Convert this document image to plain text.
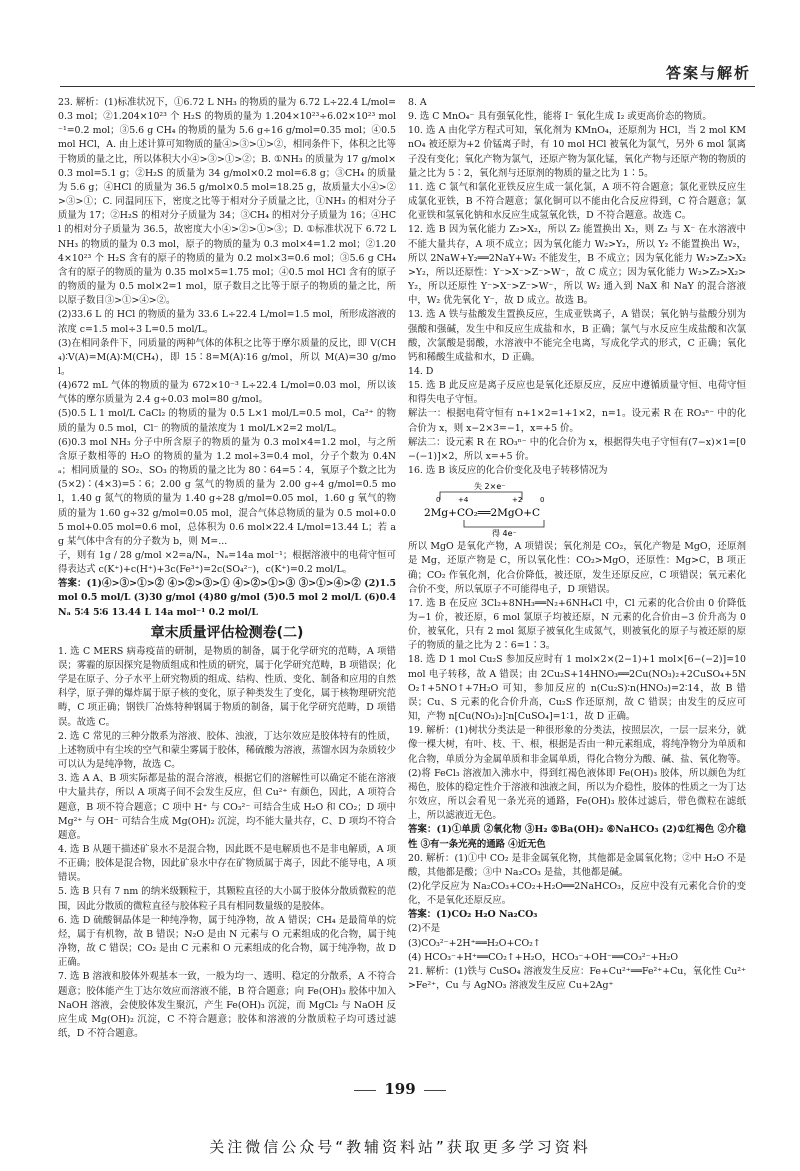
答案与解析

23. 解析：(1)标准状况下，①6.72 L NH₃ 的物质的量为 6.72 L÷22.4 L/mol=0.3 mol；②1.204×10²³ 个 H₂S 的物质的量为 1.204×10²³÷6.02×10²³ mol⁻¹=0.2 mol；③5.6 g CH₄ 的物质的量为 5.6 g÷16 g/mol=0.35 mol；④0.5 mol HCl，A. 由上述计算可知物质的量④>③>①>②，相同条件下，体积之比等于物质的量之比，所以体积大小④>③>①>②；B. ①NH₃ 的质量为 17 g/mol×0.3 mol=5.1 g；②H₂S 的质量为 34 g/mol×0.2 mol=6.8 g；③CH₄ 的质量为 5.6 g；④HCl 的质量为 36.5 g/mol×0.5 mol=18.25 g，故质量大小④>②>③>①；C. 同温同压下，密度之比等于相对分子质量之比，①NH₃ 的相对分子质量为 17；②H₂S 的相对分子质量为 34；③CH₄ 的相对分子质量为 16；④HCl 的相对分子质量为 36.5，故密度大小④>②>①>③；D. ①标准状况下 6.72 L NH₃ 的物质的量为 0.3 mol，原子的物质的量为 0.3 mol×4=1.2 mol；②1.204×10²³ 个 H₂S 含有的原子的物质的量为 0.2 mol×3=0.6 mol；③5.6 g CH₄ 含有的原子的物质的量为 0.35 mol×5=1.75 mol；④0.5 mol HCl 含有的原子的物质的量为 0.5 mol×2=1 mol，原子数目之比等于原子的物质的量之比，所以原子数目③>①>④>②。

(2)33.6 L 的 HCl 的物质的量为 33.6 L÷22.4 L/mol=1.5 mol，所形成溶液的浓度 c=1.5 mol÷3 L=0.5 mol/L。

(3)在相同条件下，同质量的两种气体的体积之比等于摩尔质量的反比，即 V(CH₄)∶V(A)=M(A)∶M(CH₄)，即 15∶8=M(A)∶16 g/mol，所以 M(A)=30 g/mol。

(4)672 mL 气体的物质的量为 672×10⁻³ L÷22.4 L/mol=0.03 mol，所以该气体的摩尔质量为 2.4 g÷0.03 mol=80 g/mol。

(5)0.5 L 1 mol/L CaCl₂ 的物质的量为 0.5 L×1 mol/L=0.5 mol，Ca²⁺ 的物质的量为 0.5 mol，Cl⁻ 的物质的量浓度为 1 mol/L×2=2 mol/L。

(6)0.3 mol NH₃ 分子中所含原子的物质的量为 0.3 mol×4=1.2 mol，与之所含原子数相等的 H₂O 的物质的量为 1.2 mol÷3=0.4 mol，分子个数为 0.4Nₐ；相同质量的 SO₂、SO₃ 的物质的量之比为 80∶64=5∶4，氧原子个数之比为(5×2)∶(4×3)=5∶6；2.00 g 氢气的物质的量为 2.00 g÷4 g/mol=0.5 mol，1.40 g 氮气的物质的量为 1.40 g÷28 g/mol=0.05 mol，1.60 g 氧气的物质的量为 1.60 g÷32 g/mol=0.05 mol，混合气体总物质的量为 0.5 mol+0.05 mol+0.05 mol=0.6 mol，总体积为 0.6 mol×22.4 L/mol=13.44 L；若 a g 某气体中含有的分子数为 b，则 M=...

子，则有 1g / 28 g/mol ×2=a/Nₐ，Nₐ=14a mol⁻¹；根据溶液中的电荷守恒可得表达式 c(K⁺)+c(H⁺)+3c(Fe³⁺)=2c(SO₄²⁻)，c(K⁺)=0.2 mol/L。

答案：(1)④>③>①>② ④>②>③>① ④>②>①>③ ③>①>④>② (2)1.5 mol 0.5 mol/L (3)30 g/mol (4)80 g/mol (5)0.5 mol 2 mol/L (6)0.4Nₐ 5∶4 5∶6 13.44 L 14a mol⁻¹ 0.2 mol/L

章末质量评估检测卷(二)

1. 选 C MERS 病毒疫苗的研制，是物质的制备，属于化学研究的范畴，A 项错误；雾霾的原因探究是物质组成和性质的研究，属于化学研究范畴，B 项错误；化学是在原子、分子水平上研究物质的组成、结构、性质、变化、制备和应用的自然科学，原子弹的爆炸属于原子核的变化，原子种类发生了变化，属于核物理研究范畴，C 项正确；钢铁厂冶炼特种钢属于物质的制备，属于化学研究范畴，D 项错误。故选 C。

2. 选 C 常见的三种分散系为溶液、胶体、浊液，丁达尔效应是胶体特有的性质，上述物质中有尘埃的空气和蒙尘雾属于胶体，稀硫酸为溶液，蒸馏水因为杂质较少可以认为是纯净物，故选 C。

3. 选 A A、B 项实际都是盐的混合溶液，根据它们的溶解性可以确定不能在溶液中大量共存，所以 A 项离子间不会发生反应，但 Cu²⁺ 有颜色，因此，A 项符合题意，B 项不符合题意；C 项中 H⁺ 与 CO₃²⁻ 可结合生成 H₂O 和 CO₂；D 项中 Mg²⁺ 与 OH⁻ 可结合生成 Mg(OH)₂ 沉淀，均不能大量共存，C、D 项均不符合题意。

4. 选 B 从题干描述矿泉水不是混合物，因此既不是电解质也不是非电解质，A 项不正确；胶体是混合物，因此矿泉水中存在矿物质属于离子，因此不能导电，A 项错误。

5. 选 B 只有 7 nm 的纳米级颗粒于，其颗粒直径的大小属于胶体分散质微粒的范围，因此分散质的微粒直径与胶体粒子具有相同数量级的是胶体。

6. 选 D 硫酸铜晶体是一种纯净物，属于纯净物，故 A 错误；CH₄ 是最简单的烷烃，属于有机物，故 B 错误；N₂O 是由 N 元素与 O 元素组成的化合物，属于纯净物，故 C 错误；CO₂ 是由 C 元素和 O 元素组成的化合物，属于纯净物，故 D 正确。

7. 选 B 溶液和胶体外观基本一致，一般为均一、透明、稳定的分散系，A 不符合题意；胶体能产生丁达尔效应而溶液不能，B 符合题意；向 Fe(OH)₃ 胶体中加入 NaOH 溶液，会使胶体发生聚沉，产生 Fe(OH)₃ 沉淀，而 MgCl₂ 与 NaOH 反应生成 Mg(OH)₂ 沉淀，C 不符合题意；胶体和溶液的分散质粒子均可透过滤纸，D 不符合题意。

8. A

9. 选 C MnO₄⁻ 具有强氧化性，能将 I⁻ 氧化生成 I₂ 或更高价态的物质。

10. 选 A 由化学方程式可知，氧化剂为 KMnO₄，还原剂为 HCl，当 2 mol KMnO₄ 被还原为+2 价锰离子时，有 10 mol HCl 被氧化为氯气，另外 6 mol 氯离子没有变化；氧化产物为氯气，还原产物为氯化锰，氧化产物与还原产物的物质的量之比为 5∶2，氧化剂与还原剂的物质的量之比为 1∶5。

11. 选 C 氯气和氯化亚铁反应生成一氯化氯，A 项不符合题意；氯化亚铁反应生成氯化亚铁，B 不符合题意；氯化铜可以不能由化合反应得到，C 符合题意；氯化亚铁和氢氧化钠和水反应生成氢氧化铁，D 不符合题意。故选 C。

12. 选 B 因为氧化能力 Z₂>X₂，所以 Z₂ 能置换出 X₂，则 Z₂ 与 X⁻ 在水溶液中不能大量共存，A 项不成立；因为氧化能力 W₂>Y₂，所以 Y₂ 不能置换出 W₂，所以 2NaW+Y₂══2NaY+W₂ 不能发生，B 不成立；因为氧化能力 W₂>Z₂>X₂>Y₂，所以还原性：Y⁻>X⁻>Z⁻>W⁻，故 C 成立；因为氧化能力 W₂>Z₂>X₂>Y₂，所以还原性 Y⁻>X⁻>Z⁻>W⁻，所以 W₂ 通入到 NaX 和 NaY 的混合溶液中，W₂ 优先氧化 Y⁻，故 D 成立。故选 B。

13. 选 A 铁与盐酸发生置换反应，生成亚铁离子，A 错误；氧化钠与盐酸分别为强酸和强碱，发生中和反应生成盐和水，B 正确；氯气与水反应生成盐酸和次氯酸，次氯酸是弱酸，水溶液中不能完全电离，写成化学式的形式，C 正确；氧化钙和稀酸生成盐和水，D 正确。

14. D

15. 选 B 此反应是离子反应也是氧化还原反应，反应中遵循质量守恒、电荷守恒和得失电子守恒。

解法一：根据电荷守恒有 n+1×2=1+1×2，n=1。设元素 R 在 RO₃ⁿ⁻ 中的化合价为 x，则 x−2×3=−1，x=+5 价。

解法二：设元素 R 在 RO₃ⁿ⁻ 中的化合价为 x，根据得失电子守恒有(7−x)×1=[0−(−1)]×2，所以 x=+5 价。

16. 选 B 该反应的化合价变化及电子转移情况为

失 2×e⁻
+4
0	+2	0
2Mg+CO₂══2MgO+C
得 4e⁻

所以 MgO 是氧化产物，A 项错误；氧化剂是 CO₂，氧化产物是 MgO，还原剂是 Mg，还原产物是 C，所以氧化性：CO₂>MgO，还原性：Mg>C，B 项正确；CO₂ 作氧化剂，化合价降低，被还原，发生还原反应，C 项错误；氧元素化合价不变，所以氧原子不可能得电子，D 项错误。

17. 选 B 在反应 3Cl₂+8NH₃══N₂+6NH₄Cl 中，Cl 元素的化合价由 0 价降低为−1 价，被还原，6 mol 氯原子均被还原，N 元素的化合价由−3 价升高为 0 价，被氧化，只有 2 mol 氮原子被氧化生成氮气，则被氧化的原子与被还原的原子的物质的量之比为 2∶6=1∶3。

18. 选 D 1 mol Cu₂S 参加反应时有 1 mol×2×(2−1)+1 mol×[6−(−2)]=10 mol 电子转移，故 A 错误；由 2Cu₂S+14HNO₃══2Cu(NO₃)₂+2CuSO₄+5NO₂↑+5NO↑+7H₂O 可知，参加反应的 n(Cu₂S)∶n(HNO₃)=2∶14，故 B 错误；Cu、S 元素的化合价升高，Cu₂S 作还原剂，故 C 错误；由发生的反应可知，产物 n[Cu(NO₃)₂]∶n[CuSO₄]=1∶1，故 D 正确。

19. 解析：(1)树状分类法是一种很形象的分类法，按照层次，一层一层来分，就像一棵大树，有叶、枝、干、根，根据是否由一种元素组成，将纯净物分为单质和化合物，单质分为金属单质和非金属单质，得化合物分为酸、碱、盐、氧化物等。(2)将 FeCl₃ 溶液加入沸水中，得到红褐色液体即 Fe(OH)₃ 胶体，所以颜色为红褐色，胶体的稳定性介于溶液和浊液之间，所以为介稳性，胶体的性质之一为丁达尔效应，所以会看见一条光亮的通路，Fe(OH)₃ 胶体过滤后，带色微粒在滤纸上，所以滤液近无色。

答案：(1)①单质 ②氧化物 ③H₂ ⑤Ba(OH)₂ ⑥NaHCO₃ (2)①红褐色 ②介稳性 ③有一条光亮的通路 ④近无色

20. 解析：(1)①中 CO₂ 是非金属氧化物，其他都是金属氧化物；②中 H₂O 不是酸，其他都是酸；③中 Na₂CO₃ 是盐，其他都是碱。

(2)化学反应为 Na₂CO₃+CO₂+H₂O══2NaHCO₃，反应中没有元素化合价的变化，不是氧化还原反应。

答案：(1)CO₂ H₂O Na₂CO₃

(2)不是

(3)CO₃²⁻+2H⁺══H₂O+CO₂↑

(4) HCO₃⁻+H⁺══CO₂↑+H₂O，HCO₃⁻+OH⁻══CO₃²⁻+H₂O

21. 解析：(1)铁与 CuSO₄ 溶液发生反应：Fe+Cu²⁺══Fe²⁺+Cu，氧化性 Cu²⁺>Fe²⁺，Cu 与 AgNO₃ 溶液发生反应 Cu+2Ag⁺

199
关注微信公众号“教辅资料站”获取更多学习资料
